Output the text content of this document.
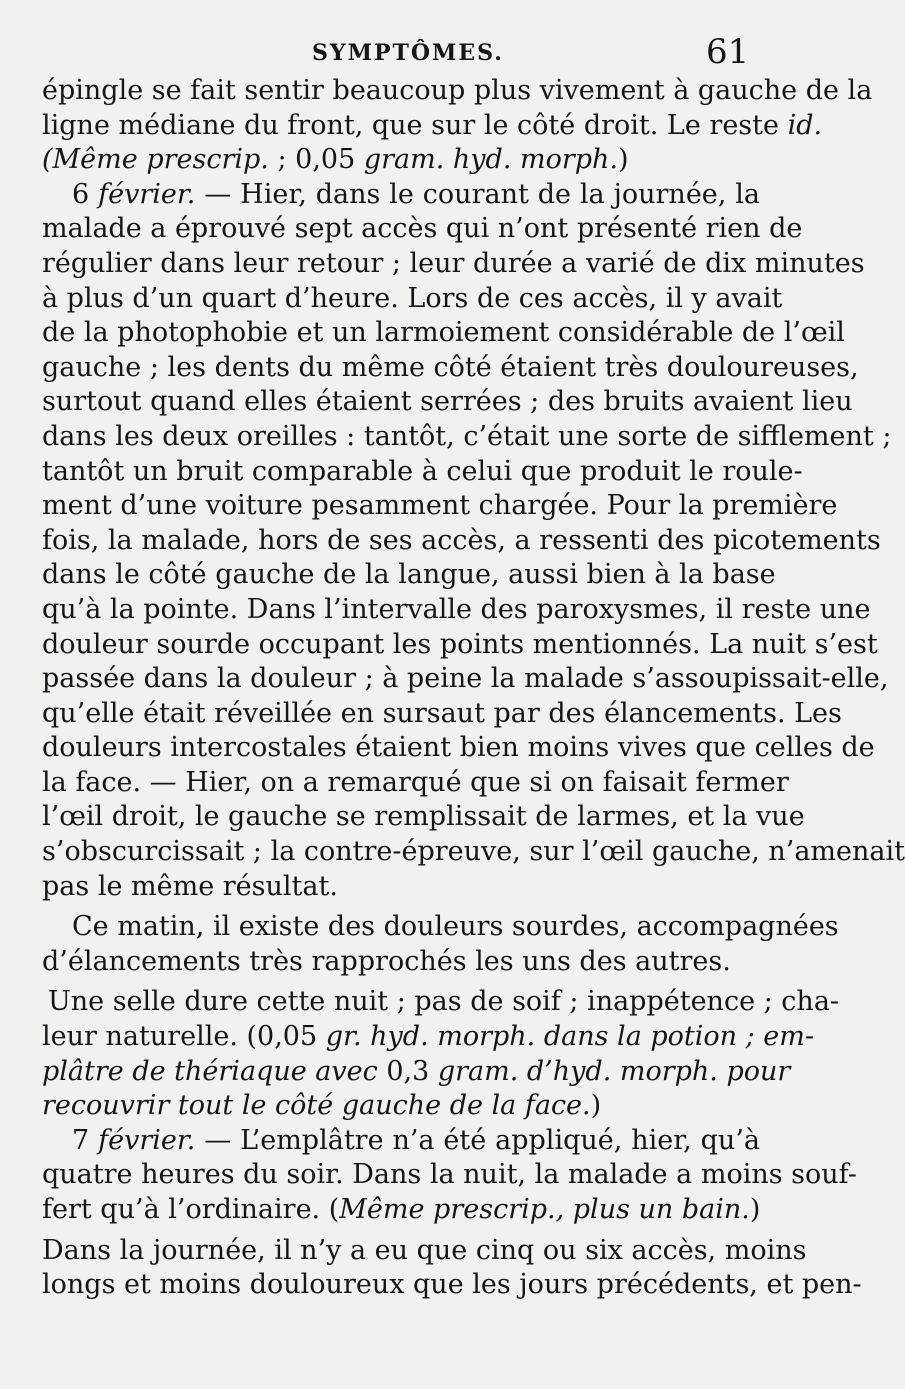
SYMPTÔMES.	61
épingle se fait sentir beaucoup plus vivement à gauche de la
ligne médiane du front, que sur le côté droit. Le reste id.
(Même prescrip. ; 0,05 gram. hyd. morph.)
6 février. — Hier, dans le courant de la journée, la
malade a éprouvé sept accès qui n’ont présenté rien de
régulier dans leur retour ; leur durée a varié de dix minutes
à plus d’un quart d’heure. Lors de ces accès, il y avait
de la photophobie et un larmoiement considérable de l’œil
gauche ; les dents du même côté étaient très douloureuses,
surtout quand elles étaient serrées ; des bruits avaient lieu
dans les deux oreilles : tantôt, c’était une sorte de sifflement ;
tantôt un bruit comparable à celui que produit le roule-
ment d’une voiture pesamment chargée. Pour la première
fois, la malade, hors de ses accès, a ressenti des picotements
dans le côté gauche de la langue, aussi bien à la base
qu’à la pointe. Dans l’intervalle des paroxysmes, il reste une
douleur sourde occupant les points mentionnés. La nuit s’est
passée dans la douleur ; à peine la malade s’assoupissait-elle,
qu’elle était réveillée en sursaut par des élancements. Les
douleurs intercostales étaient bien moins vives que celles de
la face. — Hier, on a remarqué que si on faisait fermer
l’œil droit, le gauche se remplissait de larmes, et la vue
s’obscurcissait ; la contre-épreuve, sur l’œil gauche, n’amenait
pas le même résultat.
Ce matin, il existe des douleurs sourdes, accompagnées
d’élancements très rapprochés les uns des autres.
Une selle dure cette nuit ; pas de soif ; inappétence ; cha-
leur naturelle. (0,05 gr. hyd. morph. dans la potion ; em-
plâtre de thériaque avec 0,3 gram. d’hyd. morph. pour
recouvrir tout le côté gauche de la face.)
7 février. — L’emplâtre n’a été appliqué, hier, qu’à
quatre heures du soir. Dans la nuit, la malade a moins souf-
fert qu’à l’ordinaire. (Même prescrip., plus un bain.)
Dans la journée, il n’y a eu que cinq ou six accès, moins
longs et moins douloureux que les jours précédents, et pen-
